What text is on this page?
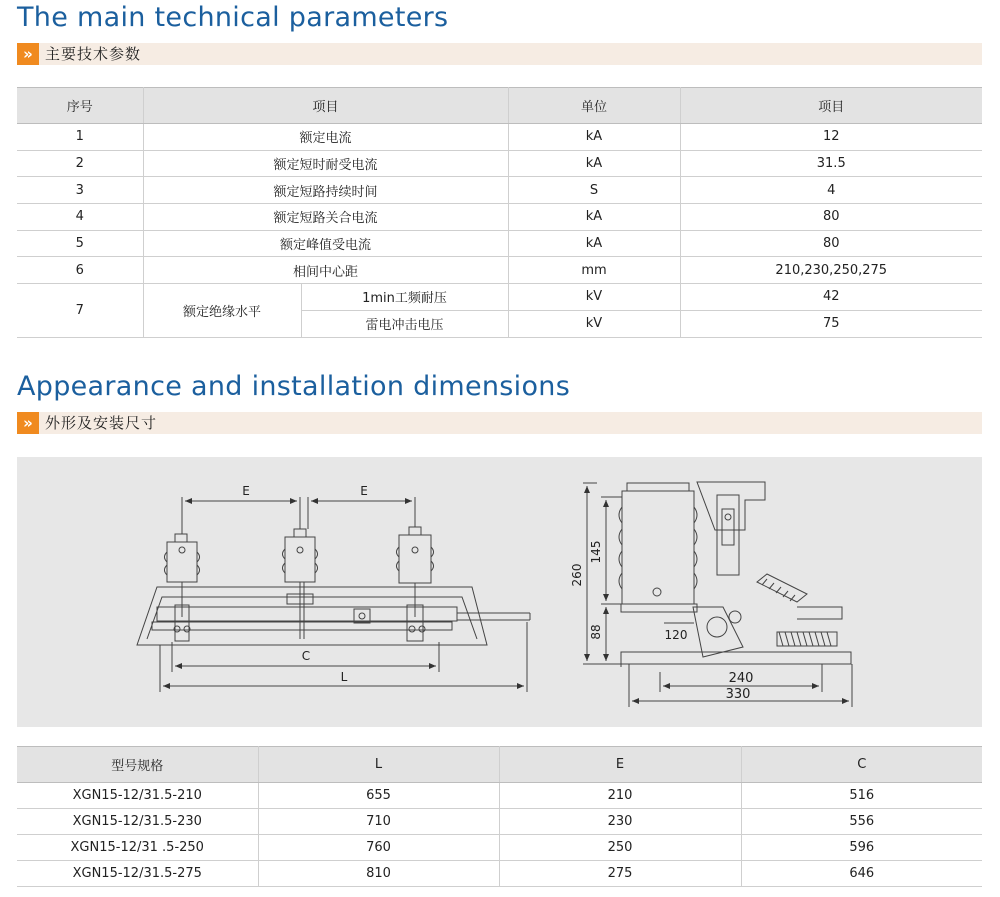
The main technical parameters
» 主要技术参数
序号	项目		单位	项目
1	额定电流		kA	12
2	额定短时耐受电流		kA	31.5
3	额定短路持续时间		S	4
4	额定短路关合电流		kA	80
5	额定峰值受电流		kA	80
6	相间中心距		mm	210,230,250,275
7	额定绝缘水平	1min工频耐压	kV	42
		雷电冲击电压	kV	75
Appearance and installation dimensions
» 外形及安装尺寸
E	E
C
L
260
145
88	120
240
330
型号规格	L	E	C
XGN15-12/31.5-210	655	210	516
XGN15-12/31.5-230	710	230	556
XGN15-12/31 .5-250	760	250	596
XGN15-12/31.5-275	810	275	646
